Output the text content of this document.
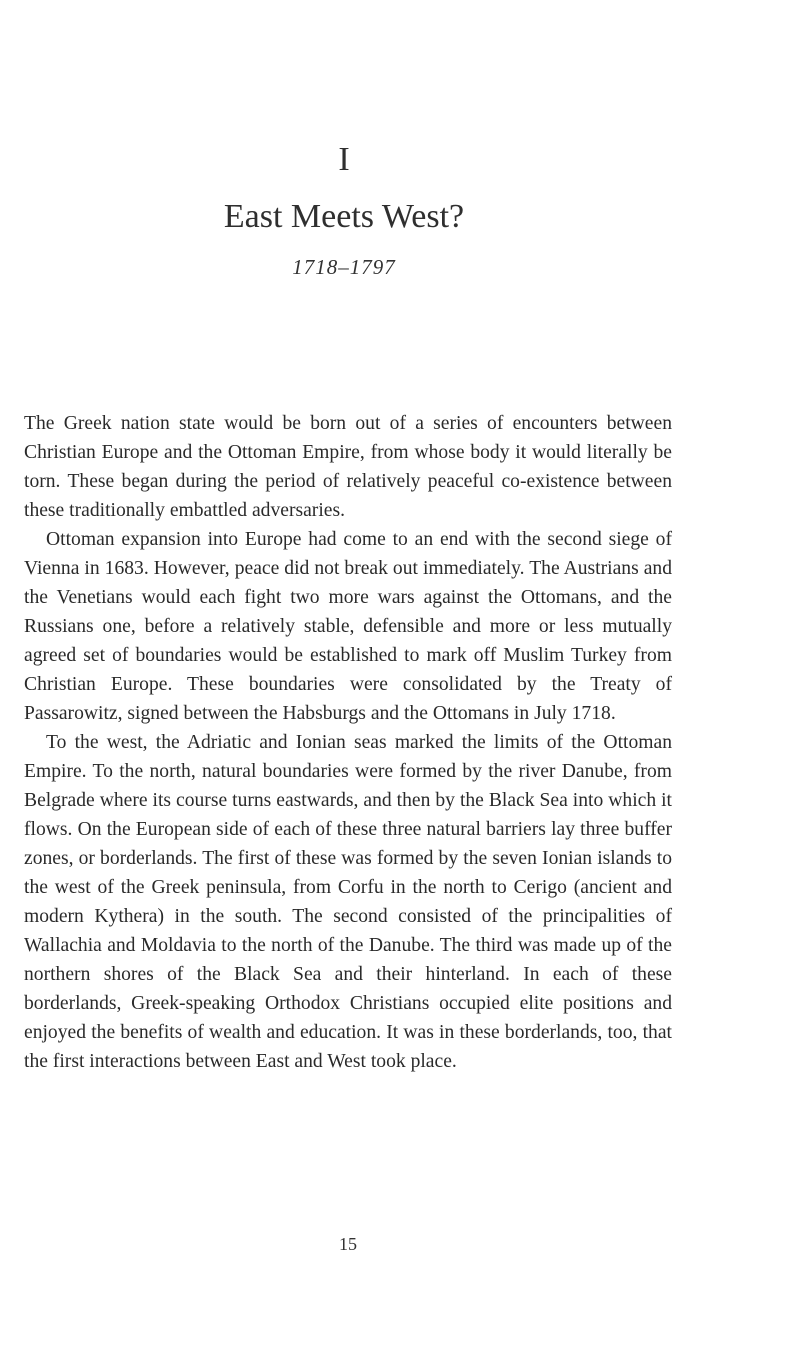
I
East Meets West?
1718–1797

The Greek nation state would be born out of a series of encounters between Christian Europe and the Ottoman Empire, from whose body it would literally be torn. These began during the period of relatively peaceful co-existence between these traditionally embattled adversaries.

Ottoman expansion into Europe had come to an end with the second siege of Vienna in 1683. However, peace did not break out immediately. The Austrians and the Venetians would each fight two more wars against the Ottomans, and the Russians one, before a relatively stable, defensible and more or less mutually agreed set of boundaries would be established to mark off Muslim Turkey from Christian Europe. These boundaries were consolidated by the Treaty of Passarowitz, signed between the Habsburgs and the Ottomans in July 1718.

To the west, the Adriatic and Ionian seas marked the limits of the Ottoman Empire. To the north, natural boundaries were formed by the river Danube, from Belgrade where its course turns eastwards, and then by the Black Sea into which it flows. On the European side of each of these three natural barriers lay three buffer zones, or borderlands. The first of these was formed by the seven Ionian islands to the west of the Greek peninsula, from Corfu in the north to Cerigo (ancient and modern Kythera) in the south. The second consisted of the principalities of Wallachia and Moldavia to the north of the Danube. The third was made up of the northern shores of the Black Sea and their hinterland. In each of these borderlands, Greek-speaking Orthodox Christians occupied elite positions and enjoyed the benefits of wealth and education. It was in these borderlands, too, that the first interactions between East and West took place.

15
